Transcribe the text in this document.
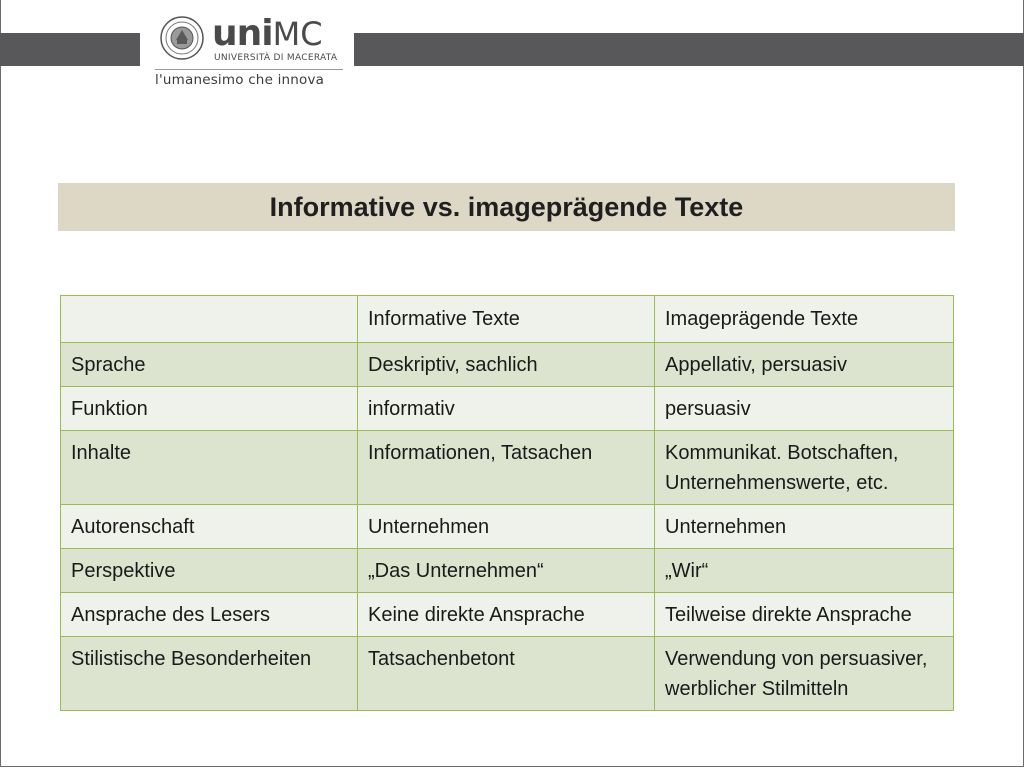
uniMC
UNIVERSITÀ DI MACERATA
l'umanesimo che innova
Informative vs. imageprägende Texte
	Informative Texte	Imageprägende Texte
Sprache	Deskriptiv, sachlich	Appellativ, persuasiv
Funktion	informativ	persuasiv
Inhalte	Informationen, Tatsachen	Kommunikat. Botschaften, Unternehmenswerte, etc.
Autorenschaft	Unternehmen	Unternehmen
Perspektive	„Das Unternehmen“	„Wir“
Ansprache des Lesers	Keine direkte Ansprache	Teilweise direkte Ansprache
Stilistische Besonderheiten	Tatsachenbetont	Verwendung von persuasiver, werblicher Stilmitteln
